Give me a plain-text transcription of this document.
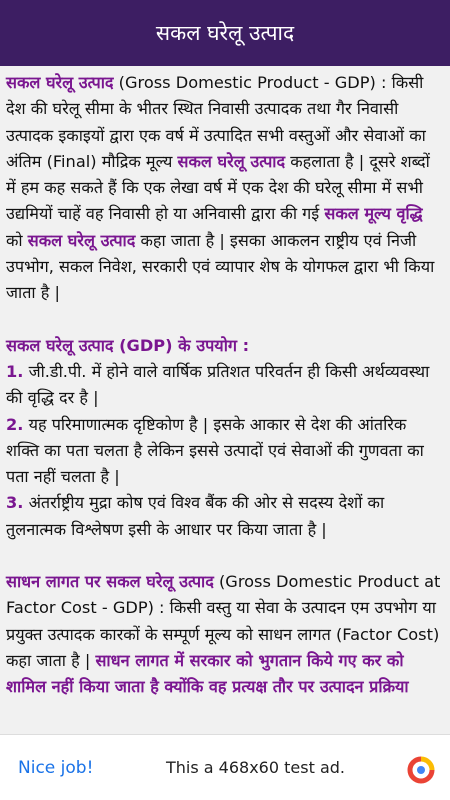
सकल घरेलू उत्पाद

सकल घरेलू उत्पाद (Gross Domestic Product - GDP) : किसी देश की घरेलू सीमा के भीतर स्थित निवासी उत्पादक तथा गैर निवासी उत्पादक इकाइयों द्वारा एक वर्ष में उत्पादित सभी वस्तुओं और सेवाओं का अंतिम (Final) मौद्रिक मूल्य सकल घरेलू उत्पाद कहलाता है | दूसरे शब्दों में हम कह सकते हैं कि एक लेखा वर्ष में एक देश की घरेलू सीमा में सभी उद्यमियों चाहें वह निवासी हो या अनिवासी द्वारा की गई सकल मूल्य वृद्धि को सकल घरेलू उत्पाद कहा जाता है | इसका आकलन राष्ट्रीय एवं निजी उपभोग, सकल निवेश, सरकारी एवं व्यापार शेष के योगफल द्वारा भी किया जाता है |

सकल घरेलू उत्पाद (GDP) के उपयोग :

1. जी.डी.पी. में होने वाले वार्षिक प्रतिशत परिवर्तन ही किसी अर्थव्यवस्था की वृद्धि दर है |

2. यह परिमाणात्मक दृष्टिकोण है | इसके आकार से देश की आंतरिक शक्ति का पता चलता है लेकिन इससे उत्पादों एवं सेवाओं की गुणवता का पता नहीं चलता है |

3. अंतर्राष्ट्रीय मुद्रा कोष एवं विश्व बैंक की ओर से सदस्य देशों का तुलनात्मक विश्लेषण इसी के आधार पर किया जाता है |

साधन लागत पर सकल घरेलू उत्पाद (Gross Domestic Product at Factor Cost - GDP) : किसी वस्तु या सेवा के उत्पादन एम उपभोग या प्रयुक्त उत्पादक कारकों के सम्पूर्ण मूल्य को साधन लागत (Factor Cost) कहा जाता है | साधन लागत में सरकार को भुगतान किये गए कर को शामिल नहीं किया जाता है क्योंकि वह प्रत्यक्ष तौर पर उत्पादन प्रक्रिया

Nice job!	This a 468x60 test ad.
